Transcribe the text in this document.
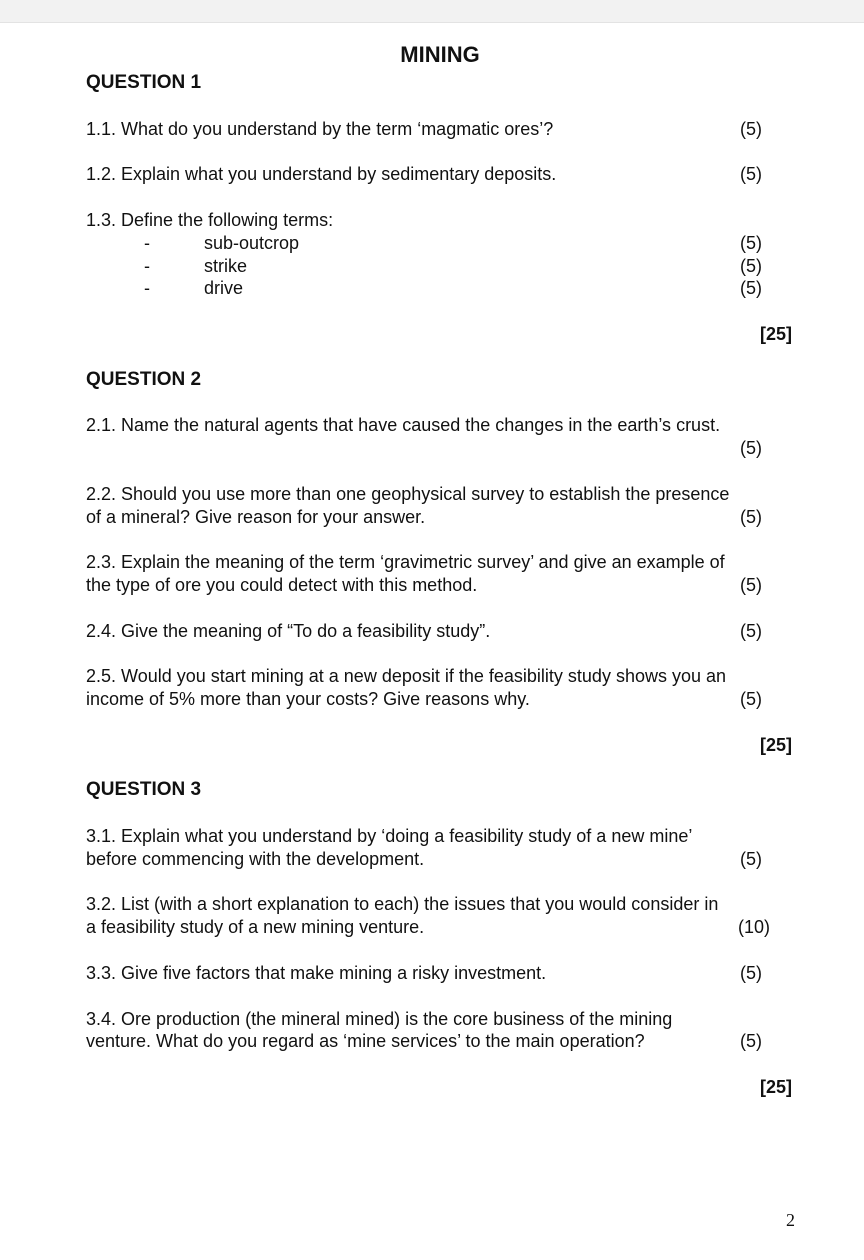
MINING
QUESTION 1
1.1. What do you understand by the term ‘magmatic ores’?	(5)
1.2. Explain what you understand by sedimentary deposits.	(5)
1.3. Define the following terms:
-	sub-outcrop	(5)
-	strike	(5)
-	drive	(5)
[25]
QUESTION 2
2.1. Name the natural agents that have caused the changes in the earth’s crust.
(5)
2.2. Should you use more than one geophysical survey to establish the presence
of a mineral? Give reason for your answer.	(5)
2.3. Explain the meaning of the term ‘gravimetric survey’ and give an example of
the type of ore you could detect with this method.	(5)
2.4. Give the meaning of “To do a feasibility study”.	(5)
2.5. Would you start mining at a new deposit if the feasibility study shows you an
income of 5% more than your costs? Give reasons why.	(5)
[25]
QUESTION 3
3.1. Explain what you understand by ‘doing a feasibility study of a new mine’
before commencing with the development.	(5)
3.2. List (with a short explanation to each) the issues that you would consider in
a feasibility study of a new mining venture.	(10)
3.3. Give five factors that make mining a risky investment.	(5)
3.4. Ore production (the mineral mined) is the core business of the mining
venture. What do you regard as ‘mine services’ to the main operation?	(5)
[25]
2
